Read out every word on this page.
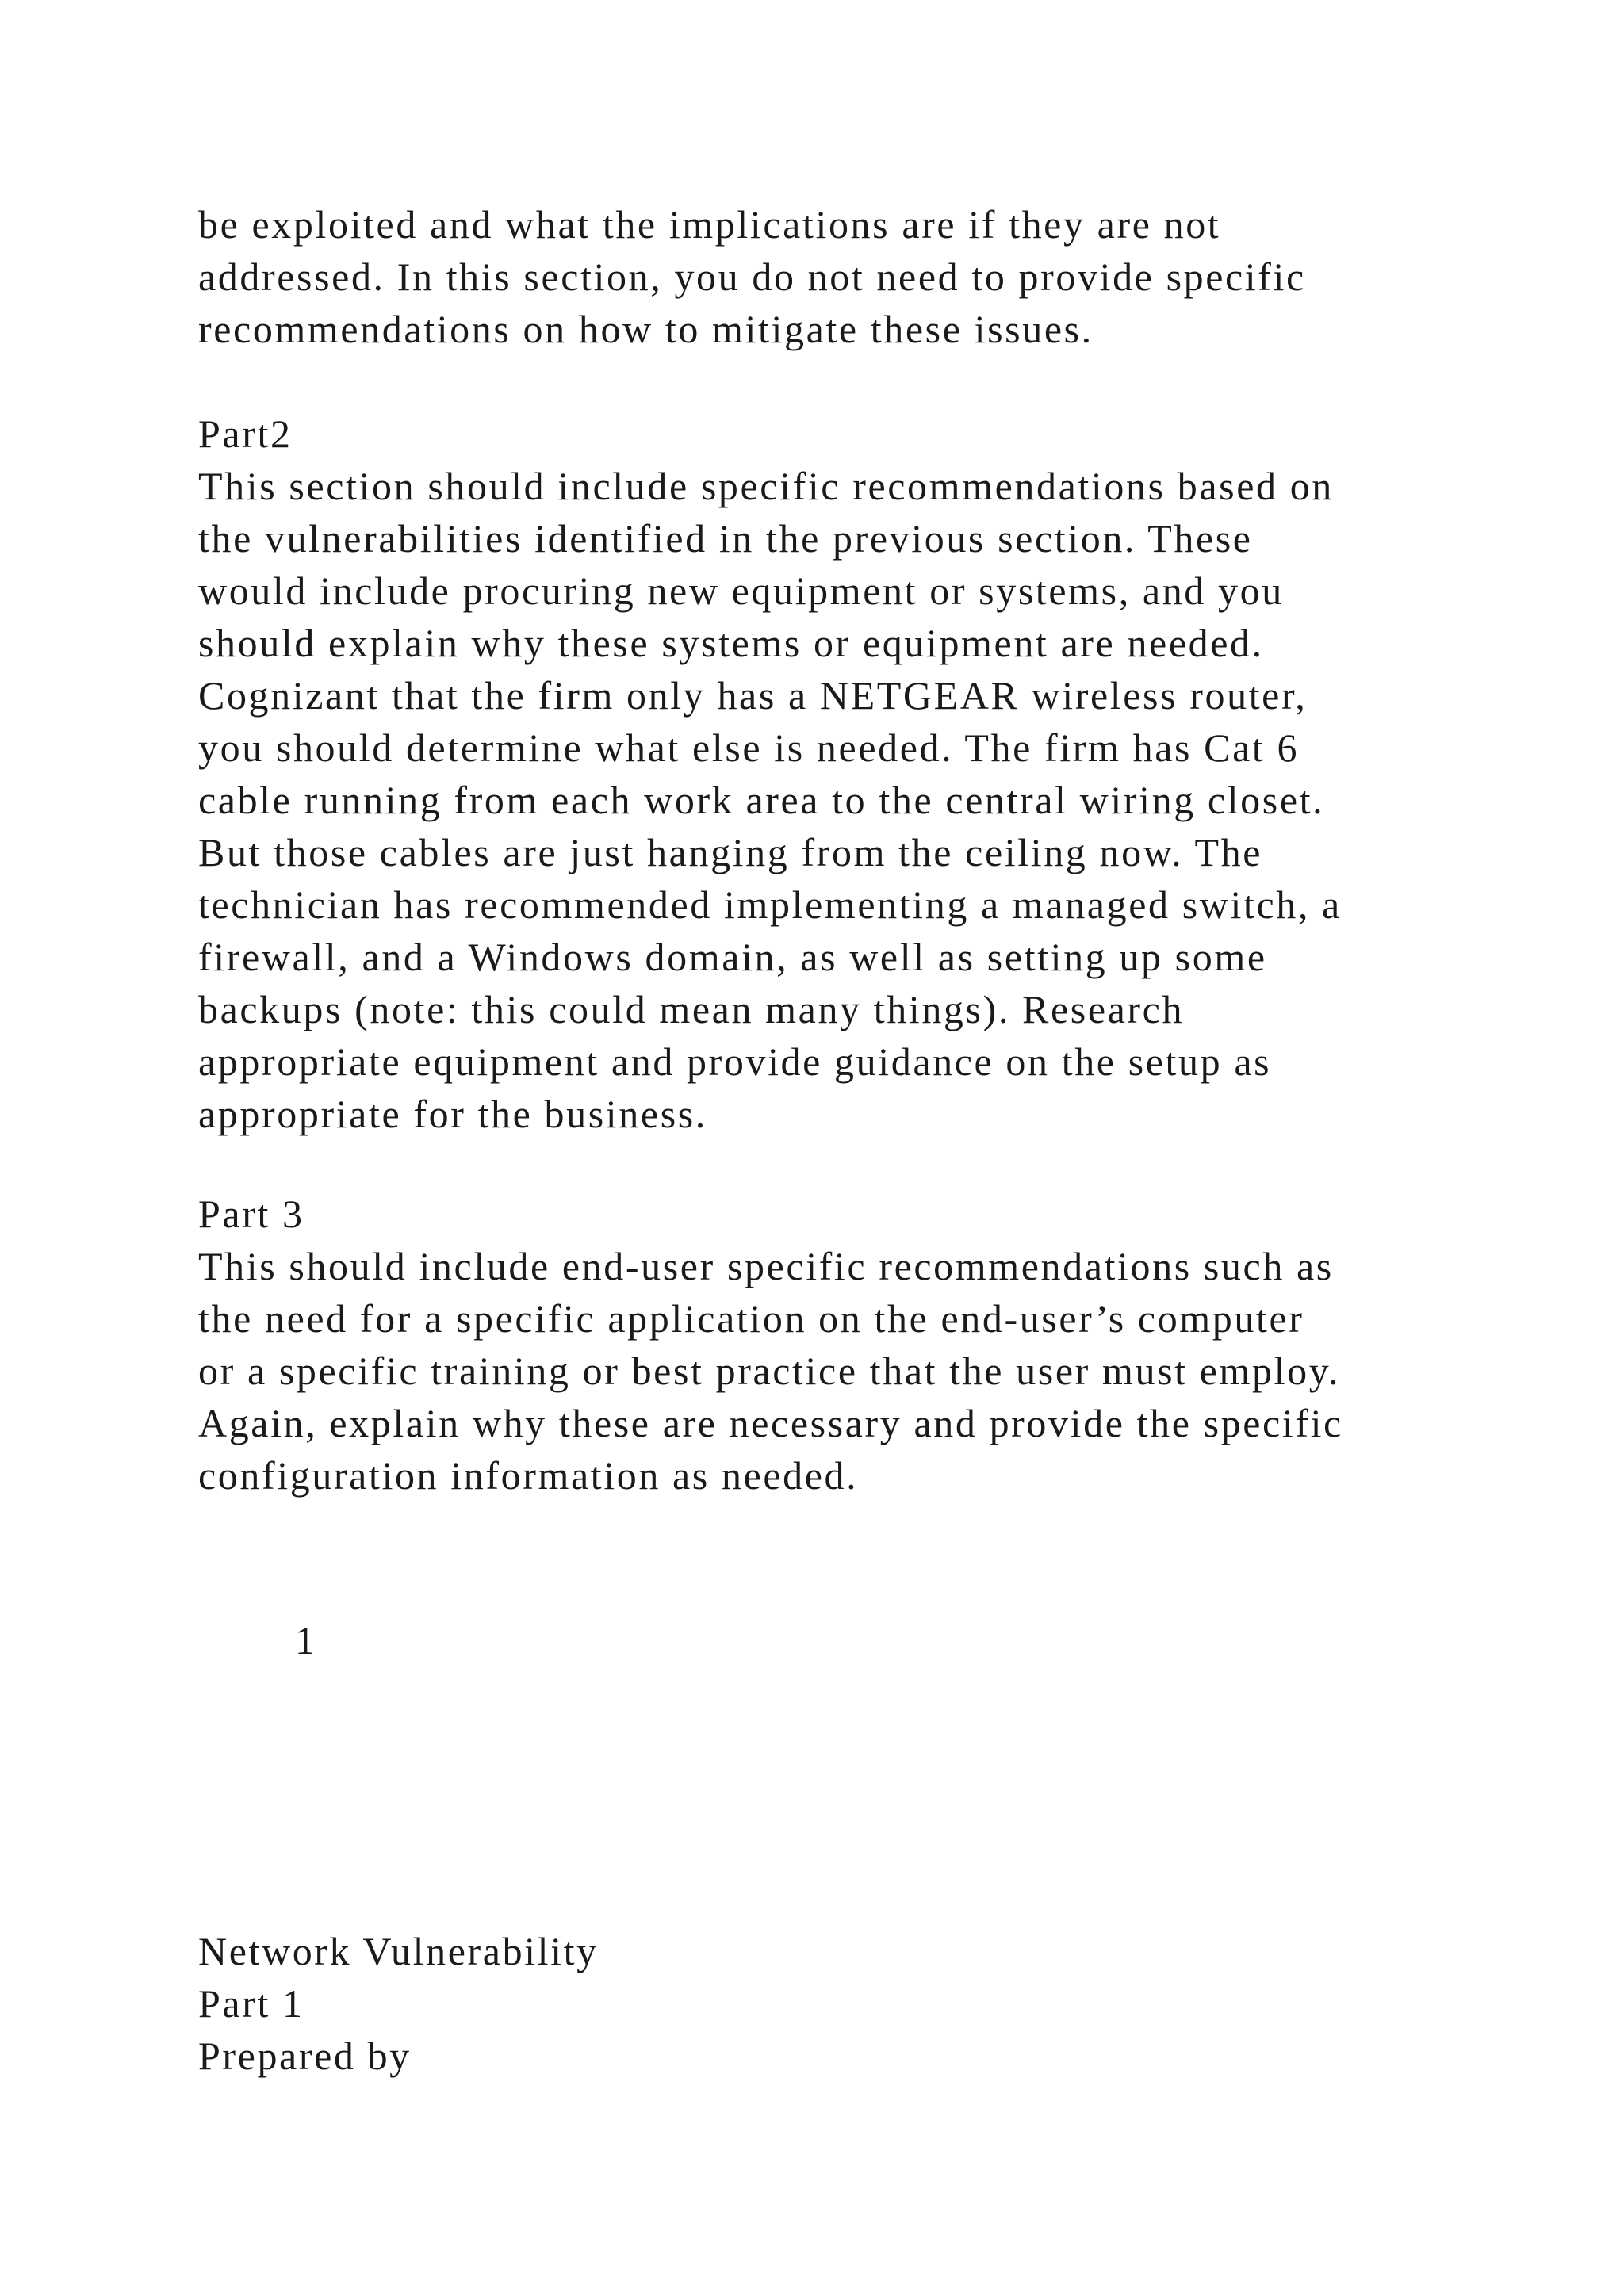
be exploited and what the implications are if they are not
addressed. In this section, you do not need to provide specific
recommendations on how to mitigate these issues.
Part2
This section should include specific recommendations based on
the vulnerabilities identified in the previous section. These
would include procuring new equipment or systems, and you
should explain why these systems or equipment are needed.
Cognizant that the firm only has a NETGEAR wireless router,
you should determine what else is needed. The firm has Cat 6
cable running from each work area to the central wiring closet.
But those cables are just hanging from the ceiling now. The
technician has recommended implementing a managed switch, a
firewall, and a Windows domain, as well as setting up some
backups (note: this could mean many things). Research
appropriate equipment and provide guidance on the setup as
appropriate for the business.
Part 3
This should include end-user specific recommendations such as
the need for a specific application on the end-user’s computer
or a specific training or best practice that the user must employ.
Again, explain why these are necessary and provide the specific
configuration information as needed.
1
Network Vulnerability
Part 1
Prepared by
